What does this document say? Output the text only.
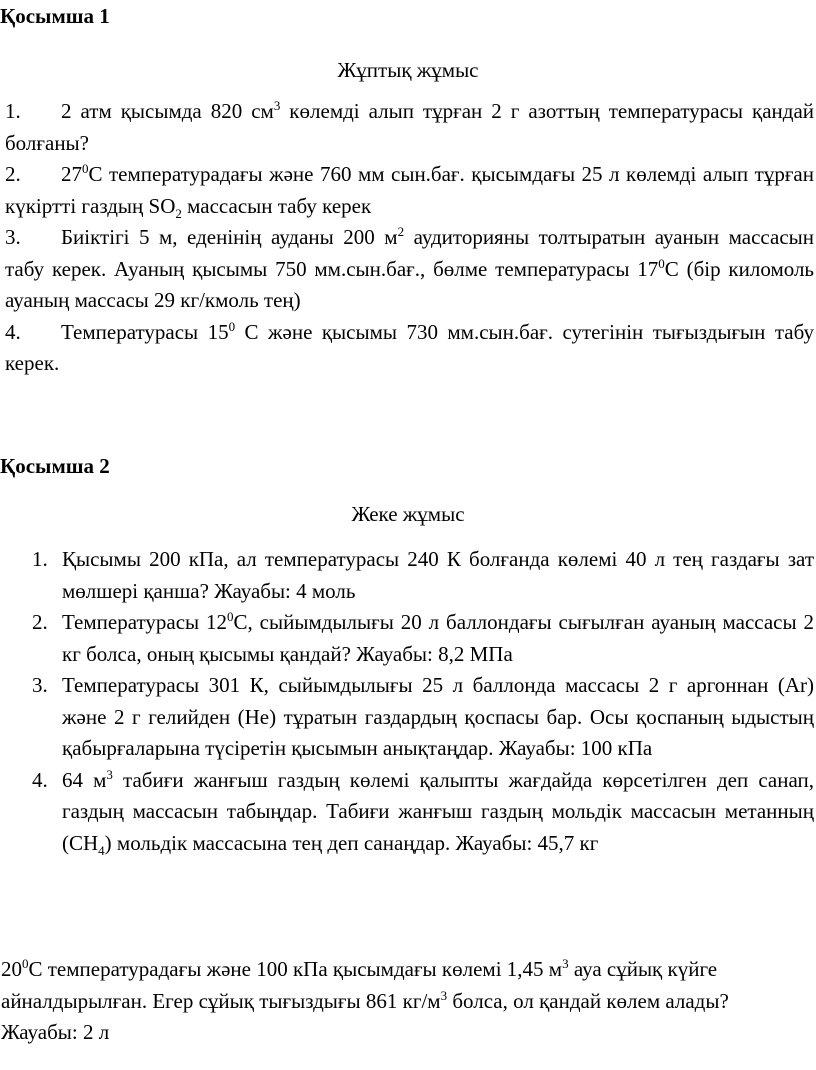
Қосымша 1
Жұптық жұмыс

1. 2 атм қысымда 820 $см^3$ көлемді алып тұрған 2 г азоттың температурасы қандай болғаны?

2. $27^0С$ температурадағы және 760 мм сын.бағ. қысымдағы 25 л көлемді алып тұрған күкіртті газдың $SO_2$ массасын табу керек

3. Биіктігі 5 м, еденінің ауданы 200 $м^2$ аудиторияны толтыратын ауанын массасын табу керек. Ауаның қысымы 750 мм.сын.бағ., бөлме температурасы $17^0С$ (бір киломоль ауаның массасы 29 кг/кмоль тең)

4. Температурасы $15^0$ С және қысымы 730 мм.сын.бағ. сутегінін тығыздығын табу керек.

Қосымша 2
Жеке жұмыс
1. Қысымы 200 кПа, ал температурасы 240 К болғанда көлемі 40 л тең газдағы зат мөлшері қанша? Жауабы: 4 моль
2. Температурасы $12^0С$, сыйымдылығы 20 л баллондағы сығылған ауаның массасы 2 кг болса, оның қысымы қандай? Жауабы: 8,2 МПа
3. Температурасы 301 К, сыйымдылығы 25 л баллонда массасы 2 г аргоннан (Ar) және 2 г гелийден (Не) тұратын газдардың қоспасы бар. Осы қоспаның ыдыстың қабырғаларына түсіретін қысымын анықтаңдар. Жауабы: 100 кПа
4. 64 $м^3$ табиғи жанғыш газдың көлемі қалыпты жағдайда көрсетілген деп санап, газдың массасын табыңдар. Табиғи жанғыш газдың мольдік массасын метанның $(СН_4)$ мольдік массасына тең деп санаңдар. Жауабы: 45,7 кг

$20^0С$ температурадағы және 100 кПа қысымдағы көлемі 1,45 $м^3$ ауа сұйық күйге айналдырылған. Егер сұйық тығыздығы 861 $кг/м^3$ болса, ол қандай көлем алады? Жауабы: 2 л
